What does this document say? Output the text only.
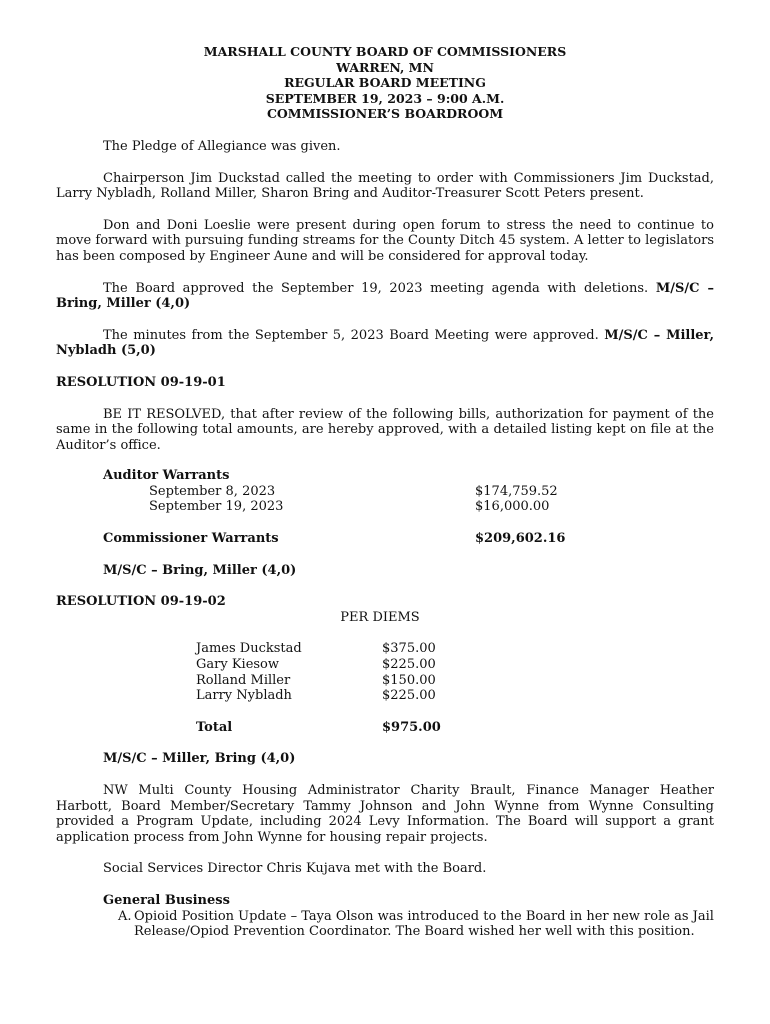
MARSHALL COUNTY BOARD OF COMMISSIONERS
WARREN, MN
REGULAR BOARD MEETING
SEPTEMBER 19, 2023 – 9:00 A.M.
COMMISSIONER’S BOARDROOM
The Pledge of Allegiance was given.
Chairperson Jim Duckstad called the meeting to order with Commissioners Jim Duckstad, Larry Nybladh, Rolland Miller, Sharon Bring and Auditor-Treasurer Scott Peters present.
Don and Doni Loeslie were present during open forum to stress the need to continue to move forward with pursuing funding streams for the County Ditch 45 system. A letter to legislators has been composed by Engineer Aune and will be considered for approval today.
The Board approved the September 19, 2023 meeting agenda with deletions. M/S/C – Bring, Miller (4,0)
The minutes from the September 5, 2023 Board Meeting were approved. M/S/C – Miller, Nybladh (5,0)
RESOLUTION 09-19-01
BE IT RESOLVED, that after review of the following bills, authorization for payment of the same in the following total amounts, are hereby approved, with a detailed listing kept on file at the Auditor’s office.
Auditor Warrants
September 8, 2023	$174,759.52
September 19, 2023	$16,000.00
Commissioner Warrants	$209,602.16
M/S/C – Bring, Miller (4,0)
RESOLUTION 09-19-02
PER DIEMS
James Duckstad	$375.00
Gary Kiesow	$225.00
Rolland Miller	$150.00
Larry Nybladh	$225.00
Total	$975.00
M/S/C – Miller, Bring (4,0)
NW Multi County Housing Administrator Charity Brault, Finance Manager Heather Harbott, Board Member/Secretary Tammy Johnson and John Wynne from Wynne Consulting provided a Program Update, including 2024 Levy Information. The Board will support a grant application process from John Wynne for housing repair projects.
Social Services Director Chris Kujava met with the Board.
General Business
A. Opioid Position Update – Taya Olson was introduced to the Board in her new role as Jail Release/Opiod Prevention Coordinator. The Board wished her well with this position.
